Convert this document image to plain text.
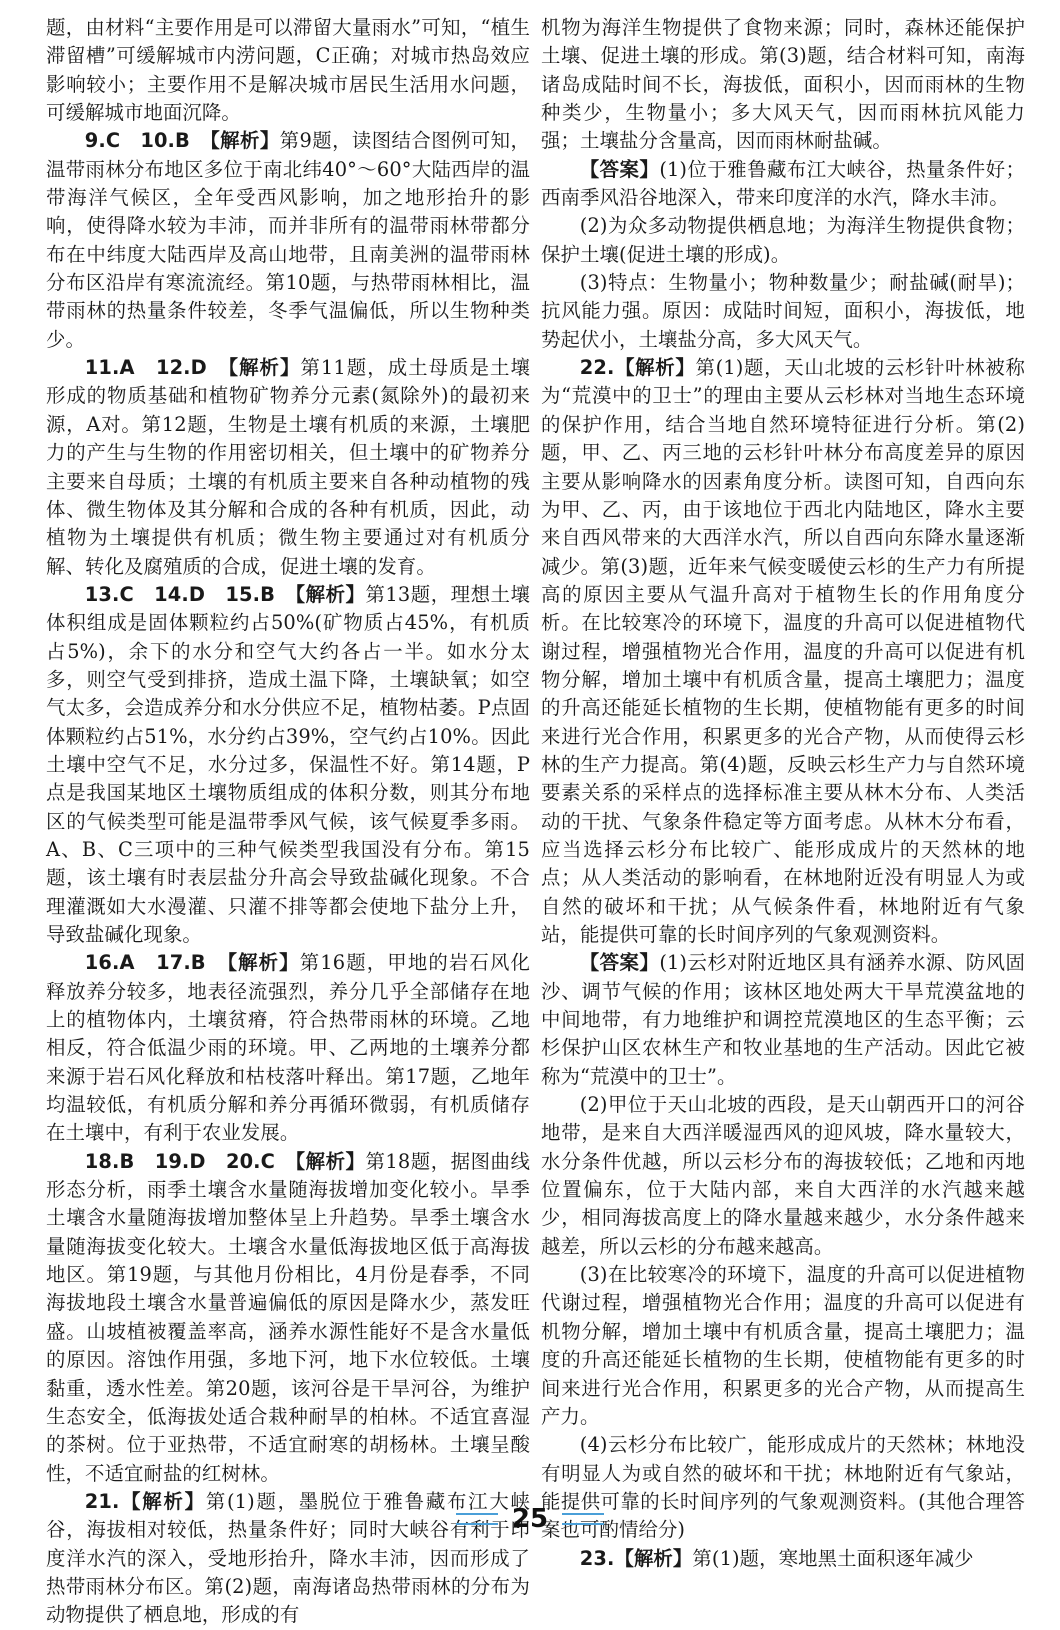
题，由材料“主要作用是可以滞留大量雨水”可知，“植生滞留槽”可缓解城市内涝问题，C正确；对城市热岛效应影响较小；主要作用不是解决城市居民生活用水问题，可缓解城市地面沉降。

9.C　10.B　【解析】第9题，读图结合图例可知，温带雨林分布地区多位于南北纬40°～60°大陆西岸的温带海洋气候区，全年受西风影响，加之地形抬升的影响，使得降水较为丰沛，而并非所有的温带雨林带都分布在中纬度大陆西岸及高山地带，且南美洲的温带雨林分布区沿岸有寒流流经。第10题，与热带雨林相比，温带雨林的热量条件较差，冬季气温偏低，所以生物种类少。

11.A　12.D　【解析】第11题，成土母质是土壤形成的物质基础和植物矿物养分元素(氮除外)的最初来源，A对。第12题，生物是土壤有机质的来源，土壤肥力的产生与生物的作用密切相关，但土壤中的矿物养分主要来自母质；土壤的有机质主要来自各种动植物的残体、微生物体及其分解和合成的各种有机质，因此，动植物为土壤提供有机质；微生物主要通过对有机质分解、转化及腐殖质的合成，促进土壤的发育。

13.C　14.D　15.B　【解析】第13题，理想土壤体积组成是固体颗粒约占50%(矿物质占45%，有机质占5%)，余下的水分和空气大约各占一半。如水分太多，则空气受到排挤，造成土温下降，土壤缺氧；如空气太多，会造成养分和水分供应不足，植物枯萎。P点固体颗粒约占51%，水分约占39%，空气约占10%。因此土壤中空气不足，水分过多，保温性不好。第14题，P点是我国某地区土壤物质组成的体积分数，则其分布地区的气候类型可能是温带季风气候，该气候夏季多雨。A、B、C三项中的三种气候类型我国没有分布。第15题，该土壤有时表层盐分升高会导致盐碱化现象。不合理灌溉如大水漫灌、只灌不排等都会使地下盐分上升，导致盐碱化现象。

16.A　17.B　【解析】第16题，甲地的岩石风化释放养分较多，地表径流强烈，养分几乎全部储存在地上的植物体内，土壤贫瘠，符合热带雨林的环境。乙地相反，符合低温少雨的环境。甲、乙两地的土壤养分都来源于岩石风化释放和枯枝落叶释出。第17题，乙地年均温较低，有机质分解和养分再循环微弱，有机质储存在土壤中，有利于农业发展。

18.B　19.D　20.C　【解析】第18题，据图曲线形态分析，雨季土壤含水量随海拔增加变化较小。旱季土壤含水量随海拔增加整体呈上升趋势。旱季土壤含水量随海拔变化较大。土壤含水量低海拔地区低于高海拔地区。第19题，与其他月份相比，4月份是春季，不同海拔地段土壤含水量普遍偏低的原因是降水少，蒸发旺盛。山坡植被覆盖率高，涵养水源性能好不是含水量低的原因。溶蚀作用强，多地下河，地下水位较低。土壤黏重，透水性差。第20题，该河谷是干旱河谷，为维护生态安全，低海拔处适合栽种耐旱的柏林。不适宜喜湿的茶树。位于亚热带，不适宜耐寒的胡杨林。土壤呈酸性，不适宜耐盐的红树林。

21.【解析】第(1)题，墨脱位于雅鲁藏布江大峡谷，海拔相对较低，热量条件好；同时大峡谷有利于印度洋水汽的深入，受地形抬升，降水丰沛，因而形成了热带雨林分布区。第(2)题，南海诸岛热带雨林的分布为动物提供了栖息地，形成的有

机物为海洋生物提供了食物来源；同时，森林还能保护土壤、促进土壤的形成。第(3)题，结合材料可知，南海诸岛成陆时间不长，海拔低，面积小，因而雨林的生物种类少，生物量小；多大风天气，因而雨林抗风能力强；土壤盐分含量高，因而雨林耐盐碱。

【答案】(1)位于雅鲁藏布江大峡谷，热量条件好；西南季风沿谷地深入，带来印度洋的水汽，降水丰沛。

(2)为众多动物提供栖息地；为海洋生物提供食物；保护土壤(促进土壤的形成)。

(3)特点：生物量小；物种数量少；耐盐碱(耐旱)；抗风能力强。原因：成陆时间短，面积小，海拔低，地势起伏小，土壤盐分高，多大风天气。

22.【解析】第(1)题，天山北坡的云杉针叶林被称为“荒漠中的卫士”的理由主要从云杉林对当地生态环境的保护作用，结合当地自然环境特征进行分析。第(2)题，甲、乙、丙三地的云杉针叶林分布高度差异的原因主要从影响降水的因素角度分析。读图可知，自西向东为甲、乙、丙，由于该地位于西北内陆地区，降水主要来自西风带来的大西洋水汽，所以自西向东降水量逐渐减少。第(3)题，近年来气候变暖使云杉的生产力有所提高的原因主要从气温升高对于植物生长的作用角度分析。在比较寒冷的环境下，温度的升高可以促进植物代谢过程，增强植物光合作用，温度的升高可以促进有机物分解，增加土壤中有机质含量，提高土壤肥力；温度的升高还能延长植物的生长期，使植物能有更多的时间来进行光合作用，积累更多的光合产物，从而使得云杉林的生产力提高。第(4)题，反映云杉生产力与自然环境要素关系的采样点的选择标准主要从林木分布、人类活动的干扰、气象条件稳定等方面考虑。从林木分布看，应当选择云杉分布比较广、能形成成片的天然林的地点；从人类活动的影响看，在林地附近没有明显人为或自然的破坏和干扰；从气候条件看，林地附近有气象站，能提供可靠的长时间序列的气象观测资料。

【答案】(1)云杉对附近地区具有涵养水源、防风固沙、调节气候的作用；该林区地处两大干旱荒漠盆地的中间地带，有力地维护和调控荒漠地区的生态平衡；云杉保护山区农林生产和牧业基地的生产活动。因此它被称为“荒漠中的卫士”。

(2)甲位于天山北坡的西段，是天山朝西开口的河谷地带，是来自大西洋暖湿西风的迎风坡，降水量较大，水分条件优越，所以云杉分布的海拔较低；乙地和丙地位置偏东，位于大陆内部，来自大西洋的水汽越来越少，相同海拔高度上的降水量越来越少，水分条件越来越差，所以云杉的分布越来越高。

(3)在比较寒冷的环境下，温度的升高可以促进植物代谢过程，增强植物光合作用；温度的升高可以促进有机物分解，增加土壤中有机质含量，提高土壤肥力；温度的升高还能延长植物的生长期，使植物能有更多的时间来进行光合作用，积累更多的光合产物，从而提高生产力。

(4)云杉分布比较广，能形成成片的天然林；林地没有明显人为或自然的破坏和干扰；林地附近有气象站，能提供可靠的长时间序列的气象观测资料。(其他合理答案也可酌情给分)

23.【解析】第(1)题，寒地黑土面积逐年减少

25
